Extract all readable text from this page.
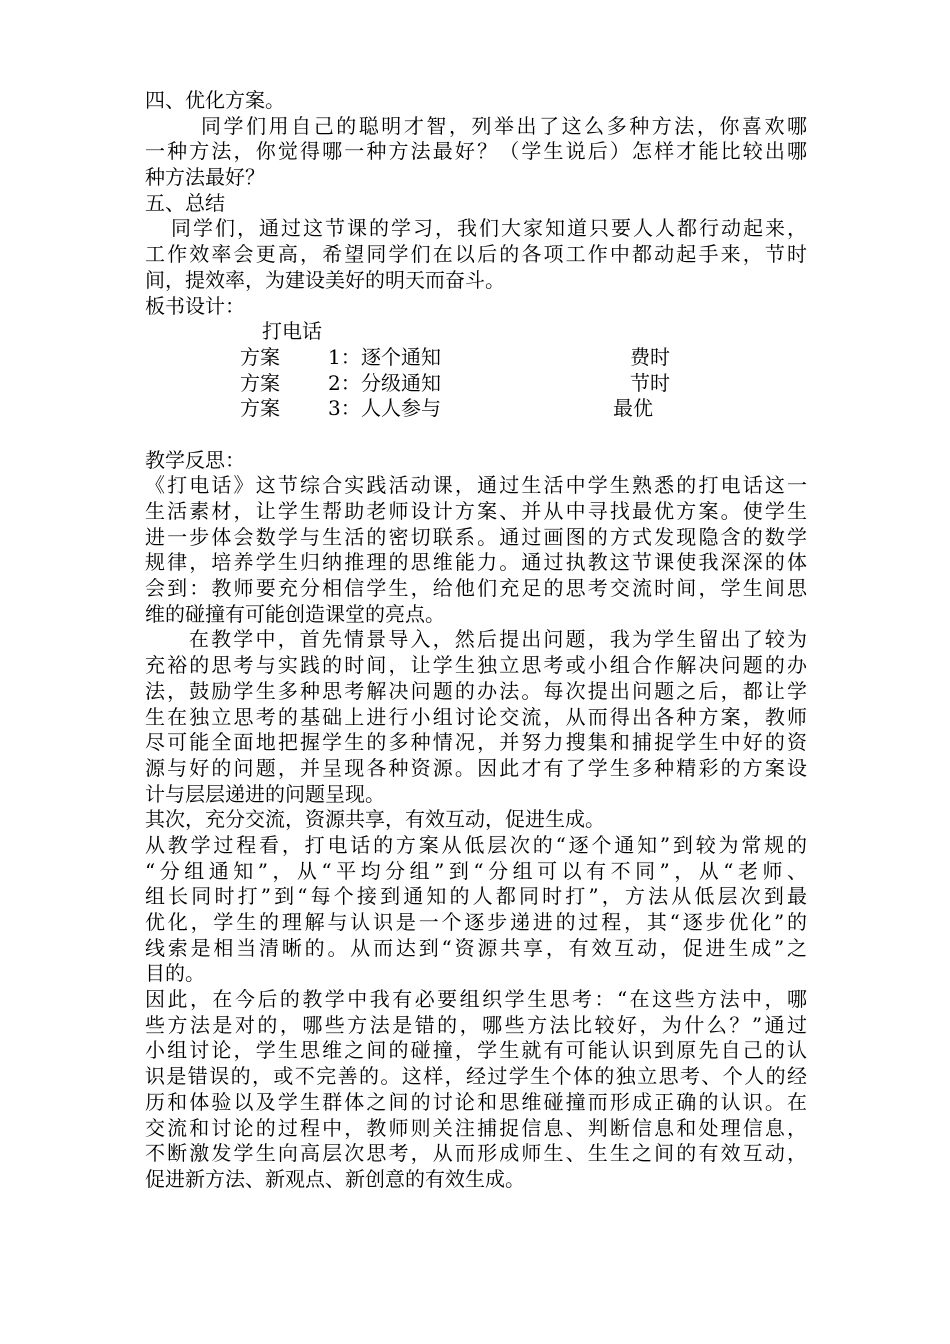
四、优化方案。
同学们用自己的聪明才智，列举出了这么多种方法，你喜欢哪
一种方法，你觉得哪一种方法最好？（学生说后）怎样才能比较出哪
种方法最好？
五、总结
同学们，通过这节课的学习，我们大家知道只要人人都行动起来，
工作效率会更高，希望同学们在以后的各项工作中都动起手来，节时
间，提效率，为建设美好的明天而奋斗。
板书设计：
打电话
方案 1： 逐个通知	费时
方案 2： 分级通知	节时
方案 3： 人人参与	最优
教学反思：
《打电话》这节综合实践活动课，通过生活中学生熟悉的打电话这一
生活素材，让学生帮助老师设计方案、并从中寻找最优方案。使学生
进一步体会数学与生活的密切联系。通过画图的方式发现隐含的数学
规律，培养学生归纳推理的思维能力。通过执教这节课使我深深的体
会到：教师要充分相信学生，给他们充足的思考交流时间，学生间思
维的碰撞有可能创造课堂的亮点。
在教学中，首先情景导入，然后提出问题，我为学生留出了较为
充裕的思考与实践的时间，让学生独立思考或小组合作解决问题的办
法，鼓励学生多种思考解决问题的办法。每次提出问题之后，都让学
生在独立思考的基础上进行小组讨论交流，从而得出各种方案，教师
尽可能全面地把握学生的多种情况，并努力搜集和捕捉学生中好的资
源与好的问题，并呈现各种资源。因此才有了学生多种精彩的方案设
计与层层递进的问题呈现。
其次，充分交流，资源共享，有效互动，促进生成。
从教学过程看，打电话的方案从低层次的“逐个通知”到较为常规的
“分组通知”，从“平均分组”到“分组可以有不同”，从“老师、
组长同时打”到“每个接到通知的人都同时打”，方法从低层次到最
优化，学生的理解与认识是一个逐步递进的过程，其“逐步优化”的
线索是相当清晰的。从而达到“资源共享，有效互动，促进生成”之
目的。
因此，在今后的教学中我有必要组织学生思考：“在这些方法中，哪
些方法是对的，哪些方法是错的，哪些方法比较好，为什么？”通过
小组讨论，学生思维之间的碰撞，学生就有可能认识到原先自己的认
识是错误的，或不完善的。这样，经过学生个体的独立思考、个人的经
历和体验以及学生群体之间的讨论和思维碰撞而形成正确的认识。在
交流和讨论的过程中，教师则关注捕捉信息、判断信息和处理信息，
不断激发学生向高层次思考，从而形成师生、生生之间的有效互动，
促进新方法、新观点、新创意的有效生成。
